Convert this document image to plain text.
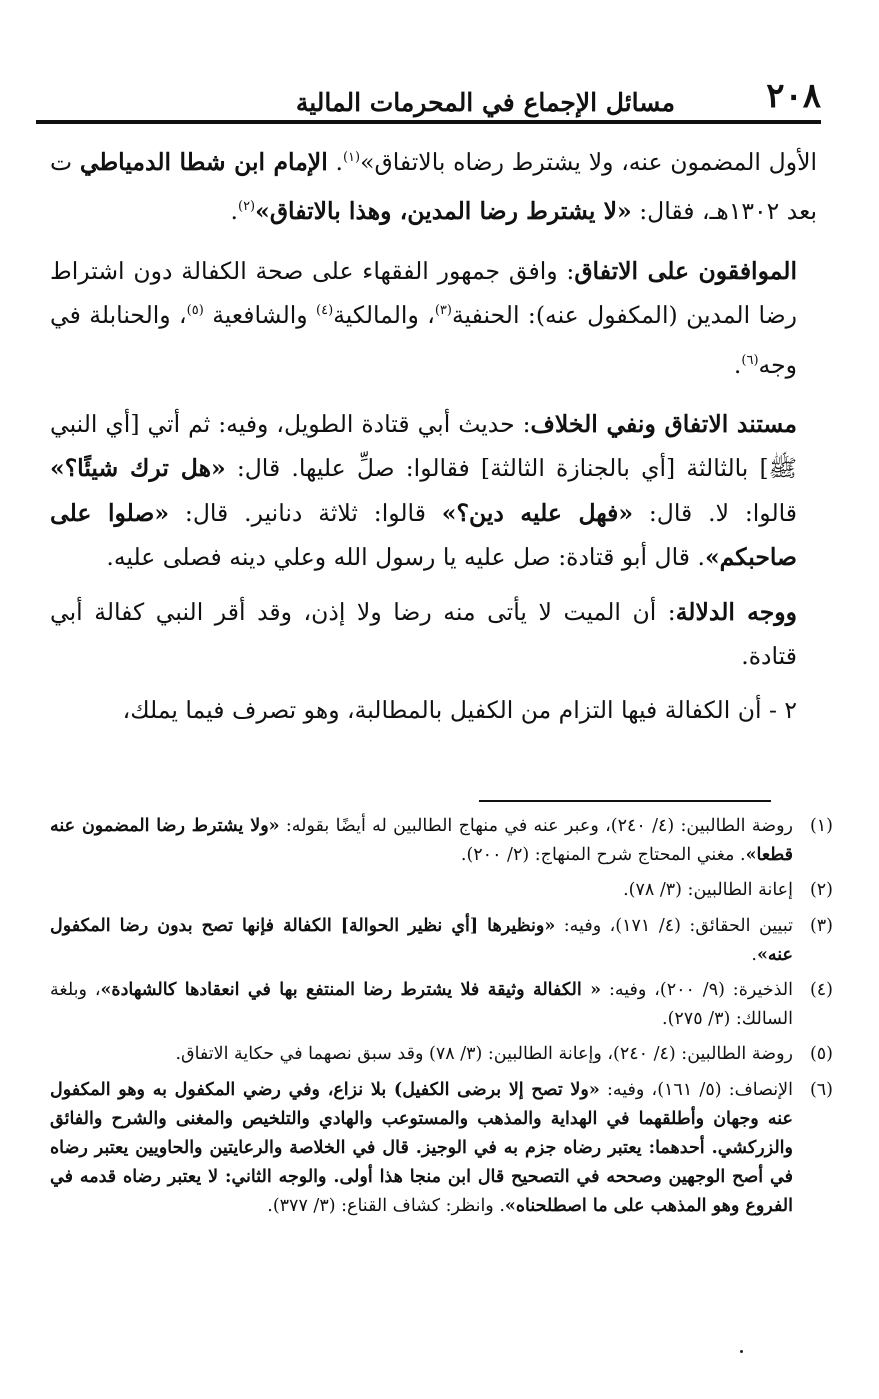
٢٠٨
مسائل الإجماع في المحرمات المالية

الأول المضمون عنه، ولا يشترط رضاه بالاتفاق»$^{(١)}$. الإمام ابن شطا الدمياطي ت بعد ١٣٠٢هـ، فقال: «لا يشترط رضا المدين، وهذا بالاتفاق»$^{(٢)}$.

الموافقون على الاتفاق: وافق جمهور الفقهاء على صحة الكفالة دون اشتراط رضا المدين (المكفول عنه): الحنفية$^{(٣)}$، والمالكية$^{(٤)}$ والشافعية $^{(٥)}$، والحنابلة في وجه$^{(٦)}$.

مستند الاتفاق ونفي الخلاف: حديث أبي قتادة الطويل، وفيه: ثم أتي [أي النبي ﷺ] بالثالثة [أي بالجنازة الثالثة] فقالوا: صلِّ عليها. قال: «هل ترك شيئًا؟» قالوا: لا. قال: «فهل عليه دين؟» قالوا: ثلاثة دنانير. قال: «صلوا على صاحبكم». قال أبو قتادة: صل عليه يا رسول الله وعلي دينه فصلى عليه.

ووجه الدلالة: أن الميت لا يأتى منه رضا ولا إذن، وقد أقر النبي كفالة أبي قتادة.

٢ - أن الكفالة فيها التزام من الكفيل بالمطالبة، وهو تصرف فيما يملك،

(١)
روضة الطالبين: (٤/ ٢٤٠)، وعبر عنه في منهاج الطالبين له أيضًا بقوله: «ولا يشترط رضا المضمون عنه قطعا». مغني المحتاج شرح المنهاج: (٢/ ٢٠٠).
(٢)
إعانة الطالبين: (٣/ ٧٨).
(٣)
تبيين الحقائق: (٤/ ١٧١)، وفيه: «ونظيرها [أي نظير الحوالة] الكفالة فإنها تصح بدون رضا المكفول عنه».
(٤)
الذخيرة: (٩/ ٢٠٠)، وفيه: « الكفالة وثيقة فلا يشترط رضا المنتفع بها في انعقادها كالشهادة»، وبلغة السالك: (٣/ ٢٧٥).
(٥)
روضة الطالبين: (٤/ ٢٤٠)، وإعانة الطالبين: (٣/ ٧٨) وقد سبق نصهما في حكاية الاتفاق.
(٦)
الإنصاف: (٥/ ١٦١)، وفيه: «ولا تصح إلا برضى الكفيل) بلا نزاع، وفي رضي المكفول به وهو المكفول عنه وجهان وأطلقهما في الهداية والمذهب والمستوعب والهادي والتلخيص والمغنى والشرح والفائق والزركشي. أحدهما: يعتبر رضاه جزم به في الوجيز. قال في الخلاصة والرعايتين والحاويين يعتبر رضاه في أصح الوجهين وصححه في التصحيح قال ابن منجا هذا أولى. والوجه الثاني: لا يعتبر رضاه قدمه في الفروع وهو المذهب على ما اصطلحناه». وانظر: كشاف القناع: (٣/ ٣٧٧).
